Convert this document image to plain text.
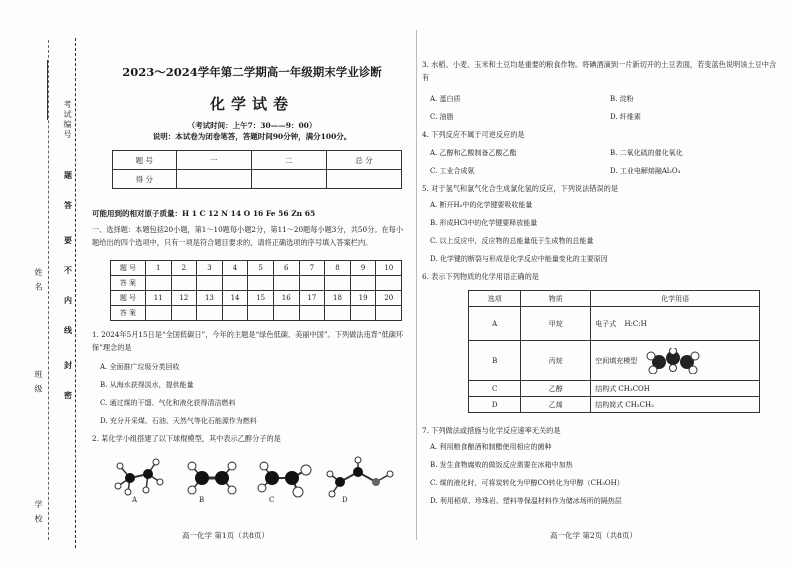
考试编号
姓 名
班 级
学 校
题
答
要
不
内
线
封
密
2023～2024学年第二学期高一年级期末学业诊断
化学试卷
（考试时间：上午7：30——9：00）
说明：本试卷为闭卷笔答，答题时间90分钟，满分100分。
题 号	一	二	总 分
得 分			
可能用到的相对原子质量：H 1 C 12 N 14 O 16 Fe 56 Zn 65
一、选择题：本题包括20小题，第1～10题每小题2分，第11～20题每小题3分，共50分。在每小题给出的四个选项中，只有一项是符合题目要求的，请将正确选项的序号填入答案栏内。
题 号	1	2	3	4	5	6	7	8	9	10
答 案										
题 号	11	12	13	14	15	16	17	18	19	20
答 案										
1. 2024年5月15日是“全国低碳日”，今年的主题是“绿色低碳、美丽中国”。下列做法违背“低碳环保”理念的是
A. 全面推广垃圾分类回收
B. 从海水获得淡水，提供能量
C. 通过煤的干馏、气化和液化获得清洁燃料
D. 充分开采煤、石油、天然气等化石能源作为燃料
2. 某化学小组搭建了以下球棍模型，其中表示乙醇分子的是
A	B	C	D
高一化学 第1页（共8页）
3. 水稻、小麦、玉米和土豆均是重要的粮食作物。将碘酒滴到一片新切开的土豆表面，若变蓝色说明该土豆中含有
A. 蛋白质	B. 淀粉
C. 油脂	D. 纤维素
4. 下列反应不属于可逆反应的是
A. 乙醇和乙酸制备乙酸乙酯	B. 二氧化硫的催化氧化
C. 工业合成氨	D. 工业电解熔融Al₂O₃
5. 对于氢气和氯气化合生成氯化氢的反应，下列说法错误的是
A. 断开H₂中的化学键要吸收能量
B. 形成HCl中的化学键要释放能量
C. 以上反应中，反应物的总能量低于生成物的总能量
D. 化学键的断裂与形成是化学反应中能量变化的主要原因
6. 表示下列物质的化学用语正确的是
选项	物质	化学用语
A	甲烷	电子式 H:C:H
B	丙烷	空间填充模型
C	乙醇	结构式 CH₃COH
D	乙烯	结构简式 CH₂CH₂
7. 下列做法或措施与化学反应速率无关的是
A. 利用粮食酿酒和制醋使用相应的菌种
B. 发生食物腐败的做饭反应需要在冰箱中加热
C. 煤的液化时，可将炭转化为甲醇CO转化为甲醇（CH₃OH）
D. 利用稻草、珍珠岩、塑料等保温材料作为储冰场所的隔热层
高一化学 第2页（共8页）
